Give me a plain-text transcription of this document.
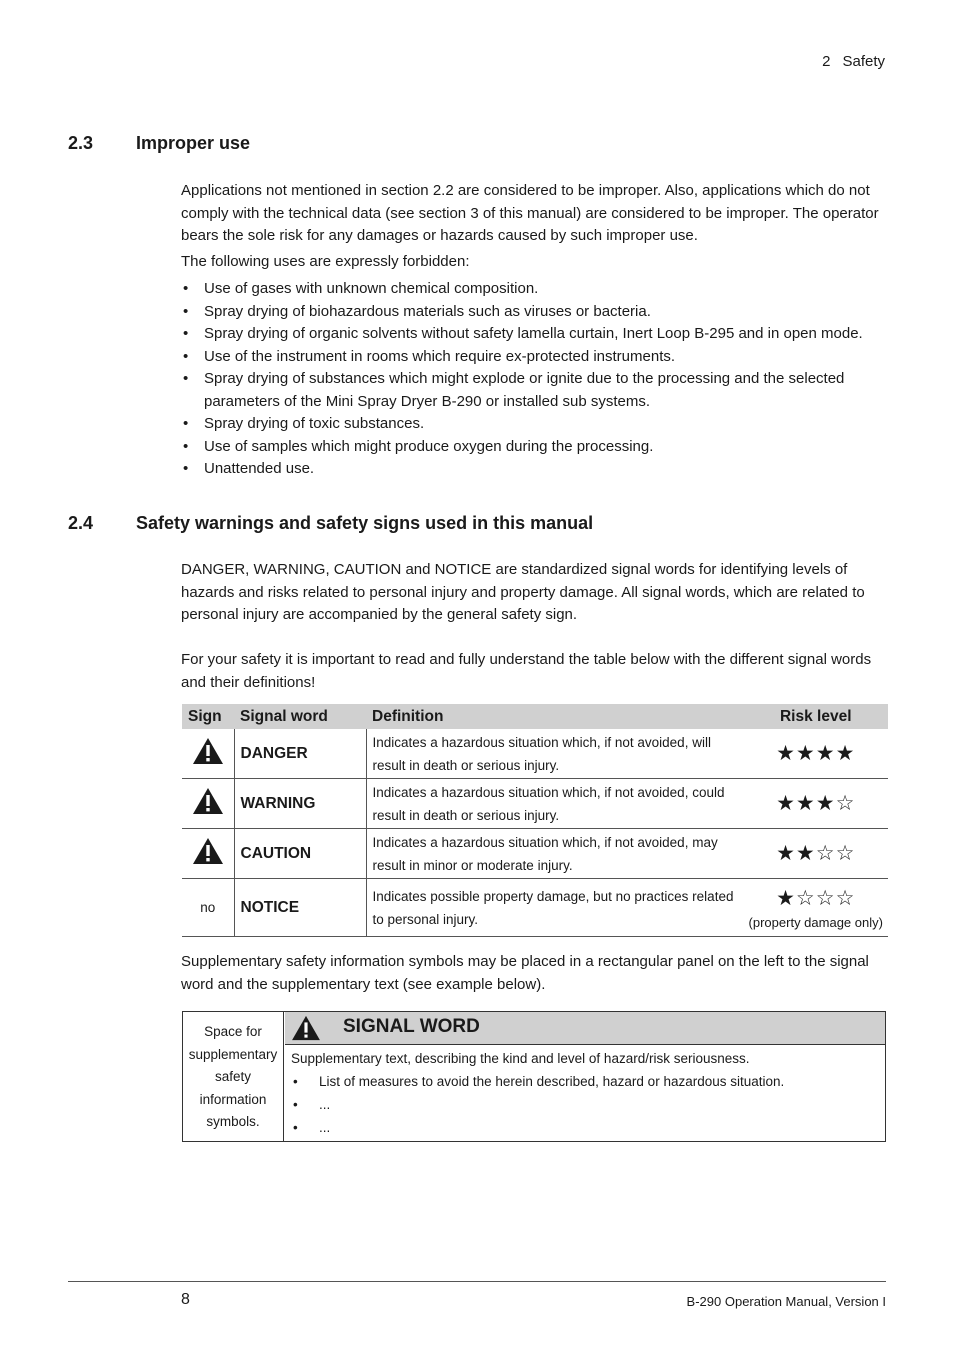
2 Safety
2.3 Improper use

Applications not mentioned in section 2.2 are considered to be improper. Also, applications which do not comply with the technical data (see section 3 of this manual) are considered to be improper. The operator bears the sole risk for any damages or hazards caused by such improper use.

The following uses are expressly forbidden:

• Use of gases with unknown chemical composition.
• Spray drying of biohazardous materials such as viruses or bacteria.
• Spray drying of organic solvents without safety lamella curtain, Inert Loop B-295 and in open mode.
• Use of the instrument in rooms which require ex-protected instruments.
• Spray drying of substances which might explode or ignite due to the processing and the selected parameters of the Mini Spray Dryer B-290 or installed sub systems.
• Spray drying of toxic substances.
• Use of samples which might produce oxygen during the processing.
• Unattended use.
2.4 Safety warnings and safety signs used in this manual

DANGER, WARNING, CAUTION and NOTICE are standardized signal words for identifying levels of hazards and risks related to personal injury and property damage. All signal words, which are related to personal injury are accompanied by the general safety sign.

For your safety it is important to read and fully understand the table below with the different signal words and their definitions!

Sign	Signal word	Definition	Risk level
	DANGER	Indicates a hazardous situation which, if not avoided, will result in death or serious injury.	★★★★
	WARNING	Indicates a hazardous situation which, if not avoided, could result in death or serious injury.	★★★☆
	CAUTION	Indicates a hazardous situation which, if not avoided, may result in minor or moderate injury.	★★☆☆
no	NOTICE	Indicates possible property damage, but no practices related to personal injury.	★☆☆☆
(property damage only)

Supplementary safety information symbols may be placed in a rectangular panel on the left to the signal word and the supplementary text (see example below).

Space for
supplementary
safety
information
symbols.
SIGNAL WORD
Supplementary text, describing the kind and level of hazard/risk seriousness.
• List of measures to avoid the herein described, hazard or hazardous situation.
• ...
• ...
8	B-290 Operation Manual, Version I
